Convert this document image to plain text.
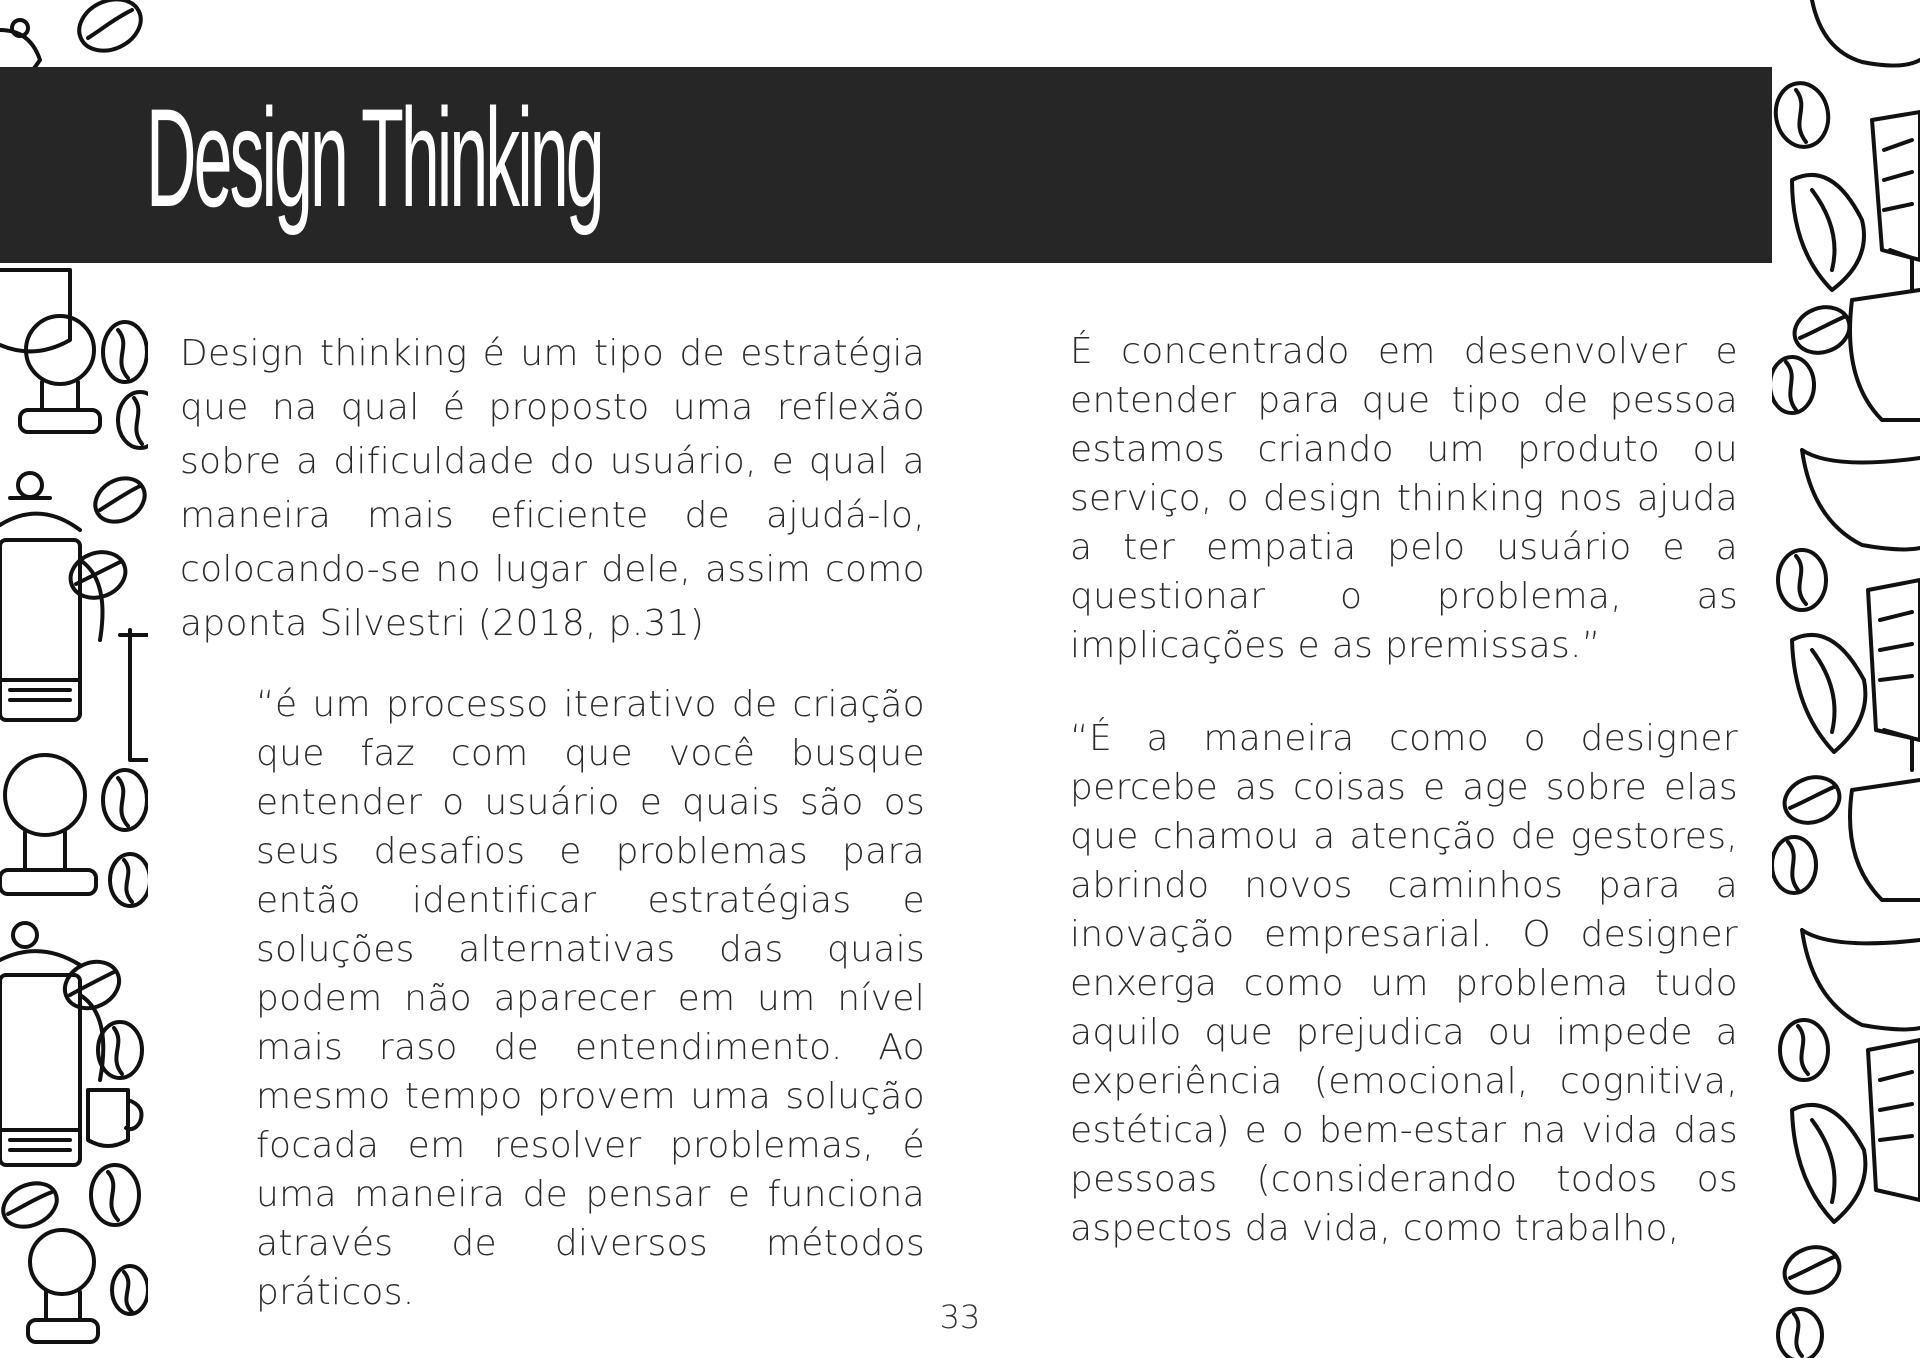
Design Thinking

Design thinking é um tipo de estratégia que na qual é proposto uma reflexão sobre a dificuldade do usuário, e qual a maneira mais eficiente de ajudá-lo, colocando-se no lugar dele, assim como aponta Silvestri (2018, p.31)

“é um processo iterativo de criação que faz com que você busque entender o usuário e quais são os seus desafios e problemas para então identificar estratégias e soluções alternativas das quais podem não aparecer em um nível mais raso de entendimento. Ao mesmo tempo provem uma solução focada em resolver problemas, é uma maneira de pensar e funciona através de diversos métodos práticos.

É concentrado em desenvolver e entender para que tipo de pessoa estamos criando um produto ou serviço, o design thinking nos ajuda a ter empatia pelo usuário e a questionar o problema, as implicações e as premissas.”

“É a maneira como o designer percebe as coisas e age sobre elas que chamou a atenção de gestores, abrindo novos caminhos para a inovação empresarial. O designer enxerga como um problema tudo aquilo que prejudica ou impede a experiência (emocional, cognitiva, estética) e o bem-estar na vida das pessoas (considerando todos os aspectos da vida, como trabalho,

33
